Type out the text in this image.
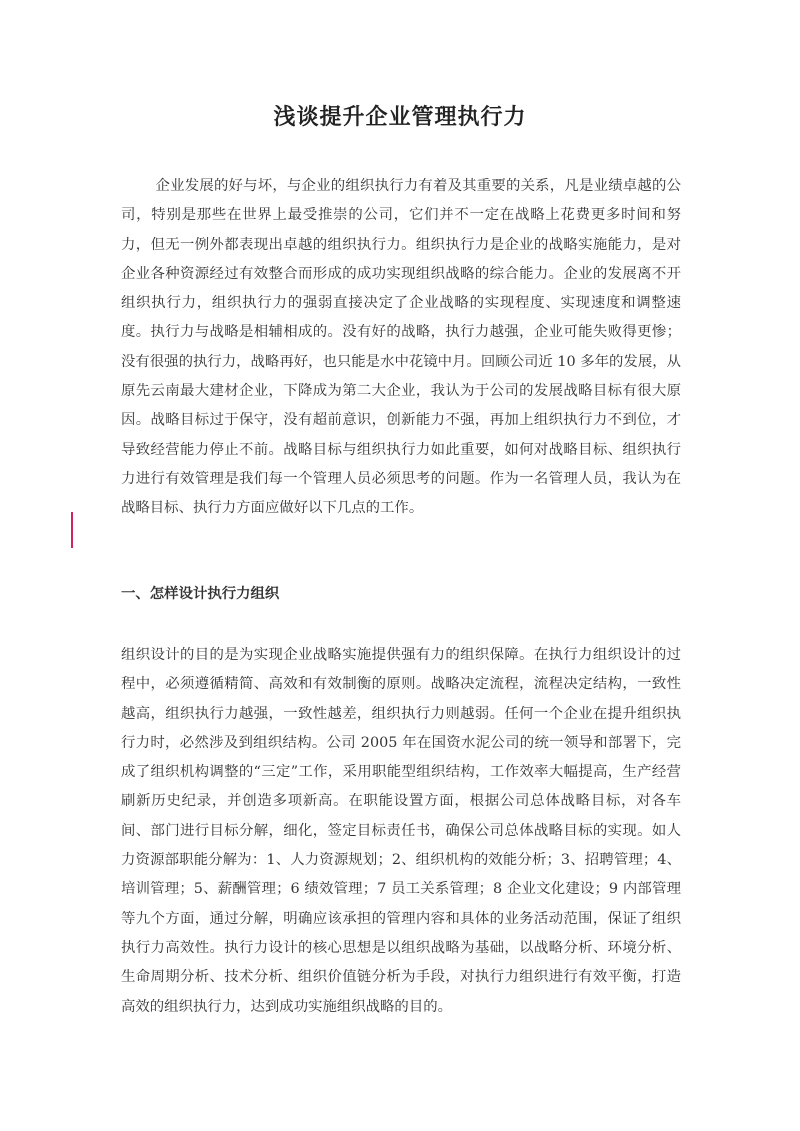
浅谈提升企业管理执行力

企业发展的好与坏，与企业的组织执行力有着及其重要的关系，凡是业绩卓越的公司，特别是那些在世界上最受推崇的公司，它们并不一定在战略上花费更多时间和努力，但无一例外都表现出卓越的组织执行力。组织执行力是企业的战略实施能力，是对企业各种资源经过有效整合而形成的成功实现组织战略的综合能力。企业的发展离不开组织执行力，组织执行力的强弱直接决定了企业战略的实现程度、实现速度和调整速度。执行力与战略是相辅相成的。没有好的战略，执行力越强，企业可能失败得更惨；没有很强的执行力，战略再好，也只能是水中花镜中月。回顾公司近 10 多年的发展，从原先云南最大建材企业，下降成为第二大企业，我认为于公司的发展战略目标有很大原因。战略目标过于保守，没有超前意识，创新能力不强，再加上组织执行力不到位，才导致经营能力停止不前。战略目标与组织执行力如此重要，如何对战略目标、组织执行力进行有效管理是我们每一个管理人员必须思考的问题。作为一名管理人员，我认为在战略目标、执行力方面应做好以下几点的工作。

一、怎样设计执行力组织

组织设计的目的是为实现企业战略实施提供强有力的组织保障。在执行力组织设计的过程中，必须遵循精简、高效和有效制衡的原则。战略决定流程，流程决定结构，一致性越高，组织执行力越强，一致性越差，组织执行力则越弱。任何一个企业在提升组织执行力时，必然涉及到组织结构。公司 2005 年在国资水泥公司的统一领导和部署下，完成了组织机构调整的“三定”工作，采用职能型组织结构，工作效率大幅提高，生产经营刷新历史纪录，并创造多项新高。在职能设置方面，根据公司总体战略目标，对各车间、部门进行目标分解，细化，签定目标责任书，确保公司总体战略目标的实现。如人力资源部职能分解为：1、人力资源规划；2、组织机构的效能分析；3、招聘管理；4、培训管理；5、薪酬管理；6 绩效管理；7 员工关系管理；8 企业文化建设；9 内部管理等九个方面，通过分解，明确应该承担的管理内容和具体的业务活动范围，保证了组织执行力高效性。执行力设计的核心思想是以组织战略为基础，以战略分析、环境分析、生命周期分析、技术分析、组织价值链分析为手段，对执行力组织进行有效平衡，打造高效的组织执行力，达到成功实施组织战略的目的。
